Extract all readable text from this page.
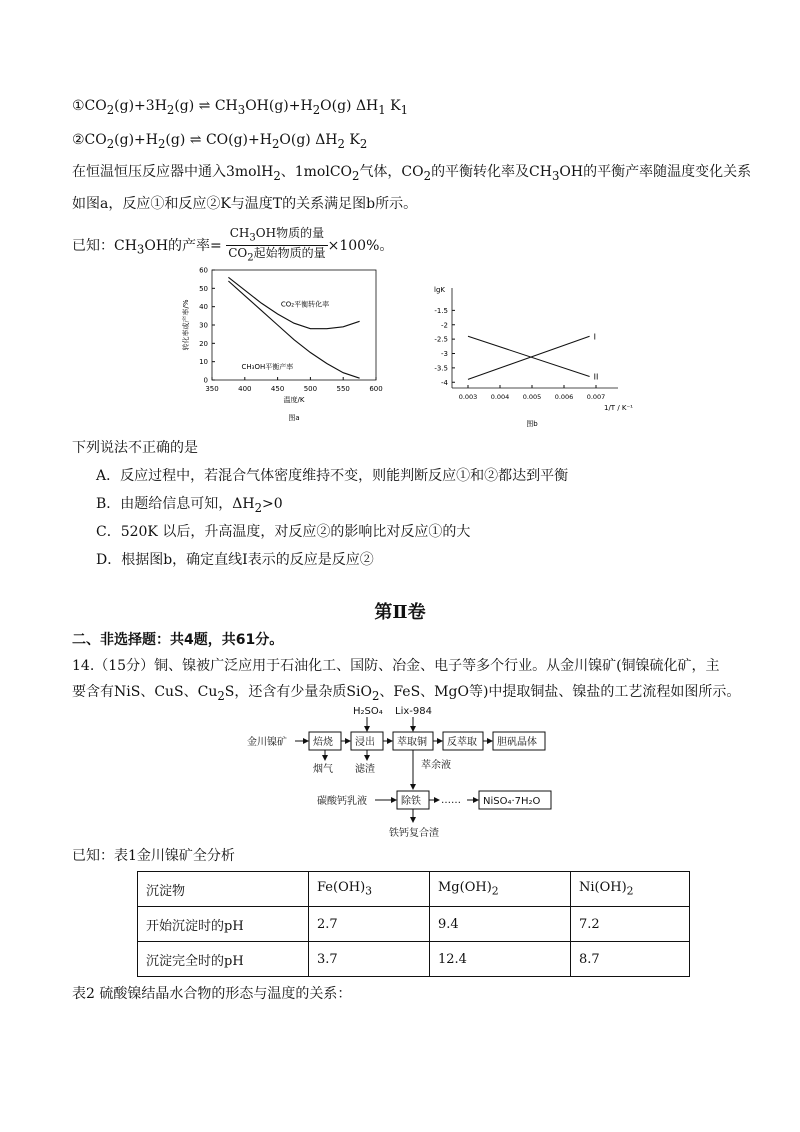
$①CO_2(g)+3H_2(g)$ ⇌ $CH_3OH(g)+H_2O(g)$ $\Delta H_1$ $K_1$
$②CO_2(g)+H_2(g)$ ⇌ $CO(g)+H_2O(g)$ $\Delta H_2$ $K_2$
在恒温恒压反应器中通入3molH$_2$、1molCO$_2$气体，$CO_2$的平衡转化率及$CH_3OH$的平衡产率随温度变化关系
如图a，反应①和反应②K与温度T的关系满足图b所示。
已知：$CH_3OH$的产率= $\frac{CH_3OH物质的量}{CO_2起始物质的量} \times 100\%$。
350	400	450	500	550	600
0
10
20
30
40
50
60
温度/K
转化率或产率/%
图a
CO₂平衡转化率
CH₃OH平衡产率
lgK
-1.5
-2
-2.5
-3
-3.5
-4
0.003 0.004 0.005 0.006 0.007
1/T / K⁻¹
图b
I
II
下列说法不正确的是
A．反应过程中，若混合气体密度维持不变，则能判断反应①和②都达到平衡
B．由题给信息可知，$\Delta H_2>0$
C．520K 以后，升高温度，对反应②的影响比对反应①的大
D．根据图b，确定直线Ⅰ表示的反应是反应②
第Ⅱ卷
二、非选择题：共4题，共61分。
14.（15分）铜、镍被广泛应用于石油化工、国防、冶金、电子等多个行业。从金川镍矿(铜镍硫化矿，主
要含有NiS、CuS、$Cu_2S$，还含有少量杂质SiO$_2$、FeS、MgO等)中提取铜盐、镍盐的工艺流程如图所示。
金川镍矿	焙烧 浸出 萃取铜 反萃取 胆矾晶体
H₂SO₄ Lix-984
烟气 滤渣	萃余液
碳酸钙乳液	除铁 …… NiSO₄·7H₂O
铁钙复合渣
已知：表1金川镍矿全分析
沉淀物	$Fe(OH)_3$	$Mg(OH)_2$	$Ni(OH)_2$
开始沉淀时的pH	2.7	9.4	7.2
沉淀完全时的pH	3.7	12.4	8.7
表2 硫酸镍结晶水合物的形态与温度的关系：
